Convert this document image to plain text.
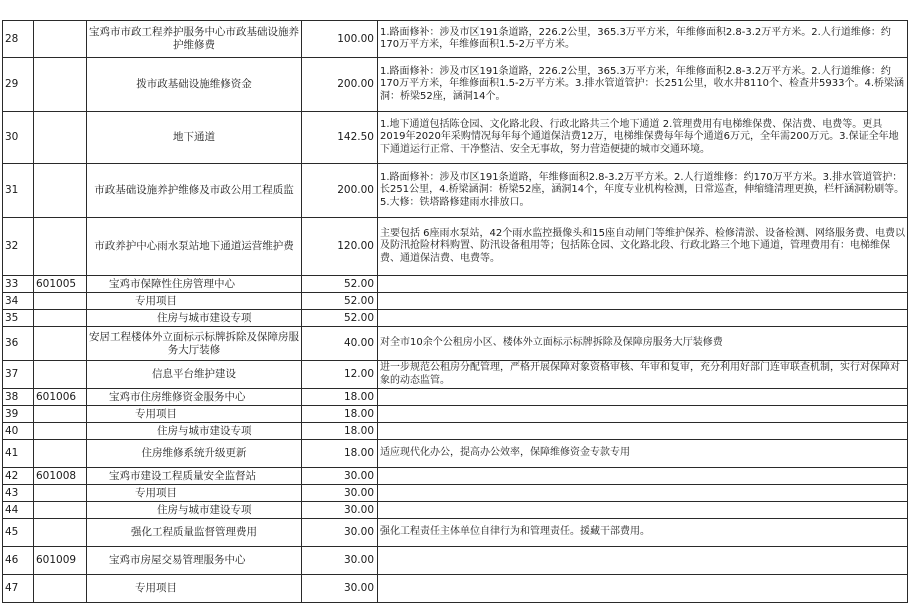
28		宝鸡市市政工程养护服务中心市政基础设施养护维修费	100.00	1.路面修补：涉及市区191条道路，226.2公里，365.3万平方米，年维修面积2.8-3.2万平方米。2.人行道维修：约170万平方米，年维修面积1.5-2万平方米。
29		拨市政基础设施维修资金	200.00	1.路面修补：涉及市区191条道路，226.2公里，365.3万平方米，年维修面积2.8-3.2万平方米。2.人行道维修：约170万平方米，年维修面积1.5-2万平方米。3.排水管道管护：长251公里，收水井8110个、检查井5933个。4.桥梁涵洞：桥梁52座，涵洞14个。
30		地下通道	142.50	1.地下通道包括陈仓园、文化路北段、行政北路共三个地下通道 2.管理费用有电梯维保费、保洁费、电费等。更具2019年2020年采购情况每年每个通道保洁费12万，电梯维保费每年每个通道6万元，全年需200万元。3.保证全年地下通道运行正常、干净整洁、安全无事故，努力营造便捷的城市交通环境。
31		市政基础设施养护维修及市政公用工程质监	200.00	1.路面修补：涉及市区191条道路，年维修面积2.8-3.2万平方米。2.人行道维修：约170万平方米。3.排水管道管护：长251公里，4.桥梁涵洞：桥梁52座，涵洞14个，年度专业机构检测，日常巡查，伸缩缝清理更换，栏杆涵洞粉刷等。5.大修：铁塔路修建雨水排放口。
32		市政养护中心雨水泵站地下通道运营维护费	120.00	主要包括 6座雨水泵站，42个雨水监控摄像头和15座自动闸门等维护保养、检修清淤、设备检测、网络服务费、电费以及防汛抢险材料购置、防汛设备租用等；包括陈仓园、文化路北段、行政北路三个地下通道，管理费用有：电梯维保费、通道保洁费、电费等。
33	601005	宝鸡市保障性住房管理中心	52.00	
34		专用项目	52.00	
35		住房与城市建设专项	52.00	
36		安居工程楼体外立面标示标牌拆除及保障房服务大厅装修	40.00	对全市10余个公租房小区、楼体外立面标示标牌拆除及保障房服务大厅装修费
37		信息平台维护建设	12.00	进一步规范公租房分配管理，严格开展保障对象资格审核、年审和复审，充分利用好部门连审联查机制，实行对保障对象的动态监管。
38	601006	宝鸡市住房维修资金服务中心	18.00	
39		专用项目	18.00	
40		住房与城市建设专项	18.00	
41		住房维修系统升级更新	18.00	适应现代化办公，提高办公效率，保障维修资金专款专用
42	601008	宝鸡市建设工程质量安全监督站	30.00	
43		专用项目	30.00	
44		住房与城市建设专项	30.00	
45		强化工程质量监督管理费用	30.00	强化工程责任主体单位自律行为和管理责任。援藏干部费用。
46	601009	宝鸡市房屋交易管理服务中心	30.00	
47		专用项目	30.00	
